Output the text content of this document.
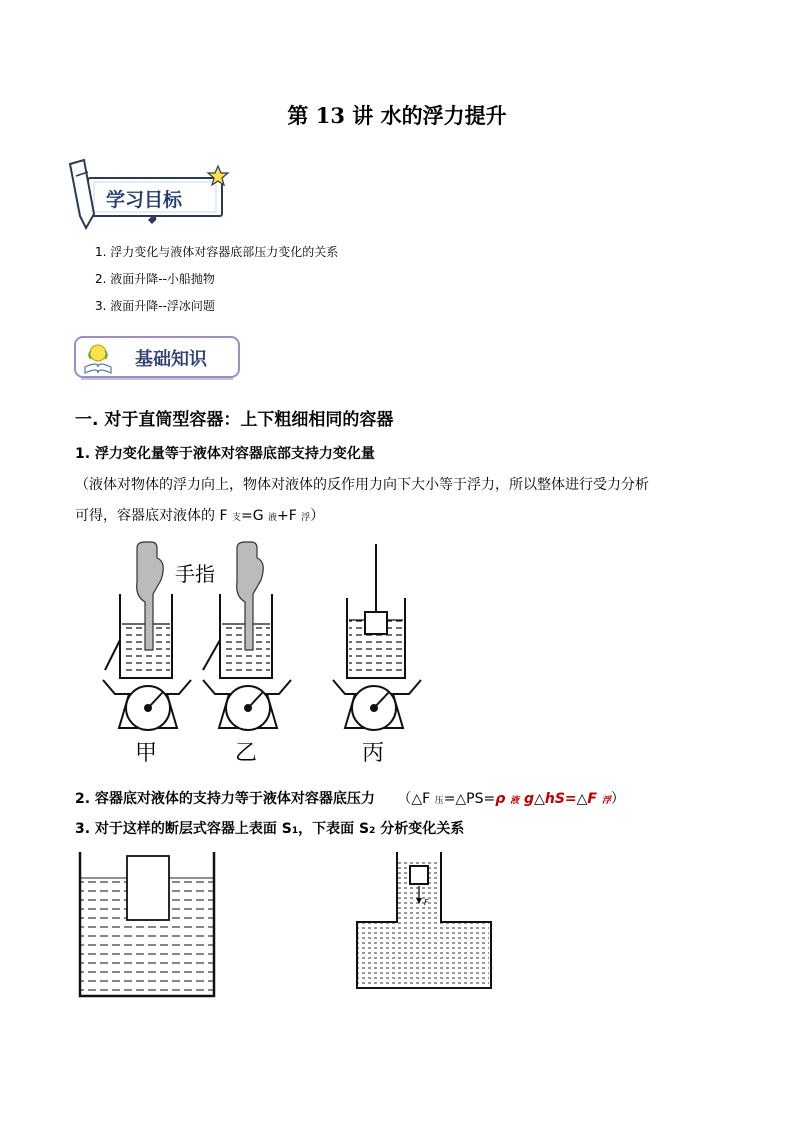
第 13 讲 水的浮力提升
学习目标
1. 浮力变化与液体对容器底部压力变化的关系
2. 液面升降--小船抛物
3. 液面升降--浮冰问题
基础知识
一. 对于直筒型容器：上下粗细相同的容器
1. 浮力变化量等于液体对容器底部支持力变化量
（液体对物体的浮力向上，物体对液体的反作用力向下大小等于浮力，所以整体进行受力分析
可得，容器底对液体的 F 支=G 液+F 浮）
手指
甲	乙	丙
2. 容器底对液体的支持力等于液体对容器底压力 （△F 压=△PS=ρ 液 g△hS=△F 浮）
3. 对于这样的断层式容器上表面 S1，下表面 S2 分析变化关系
F
